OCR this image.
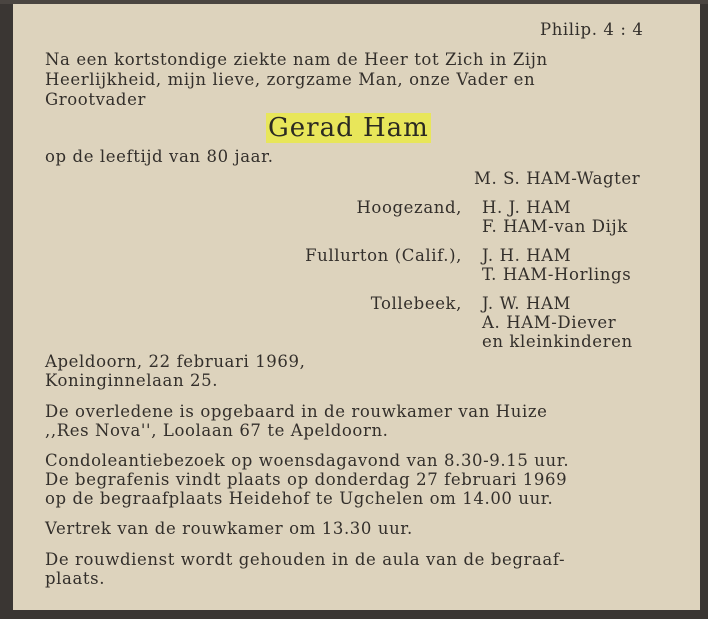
Philip. 4 : 4
Na een kortstondige ziekte nam de Heer tot Zich in Zijn
Heerlijkheid, mijn lieve, zorgzame Man, onze Vader en
Grootvader
Gerad Ham
op de leeftijd van 80 jaar.
M. S. HAM-Wagter
Hoogezand, H. J. HAM
F. HAM-van Dijk
Fullurton (Calif.), J. H. HAM
T. HAM-Horlings
Tollebeek, J. W. HAM
A. HAM-Diever
en kleinkinderen
Apeldoorn, 22 februari 1969,
Koninginnelaan 25.
De overledene is opgebaard in de rouwkamer van Huize
,,Res Nova'', Loolaan 67 te Apeldoorn.
Condoleantiebezoek op woensdagavond van 8.30-9.15 uur.
De begrafenis vindt plaats op donderdag 27 februari 1969
op de begraafplaats Heidehof te Ugchelen om 14.00 uur.
Vertrek van de rouwkamer om 13.30 uur.
De rouwdienst wordt gehouden in de aula van de begraaf-
plaats.
